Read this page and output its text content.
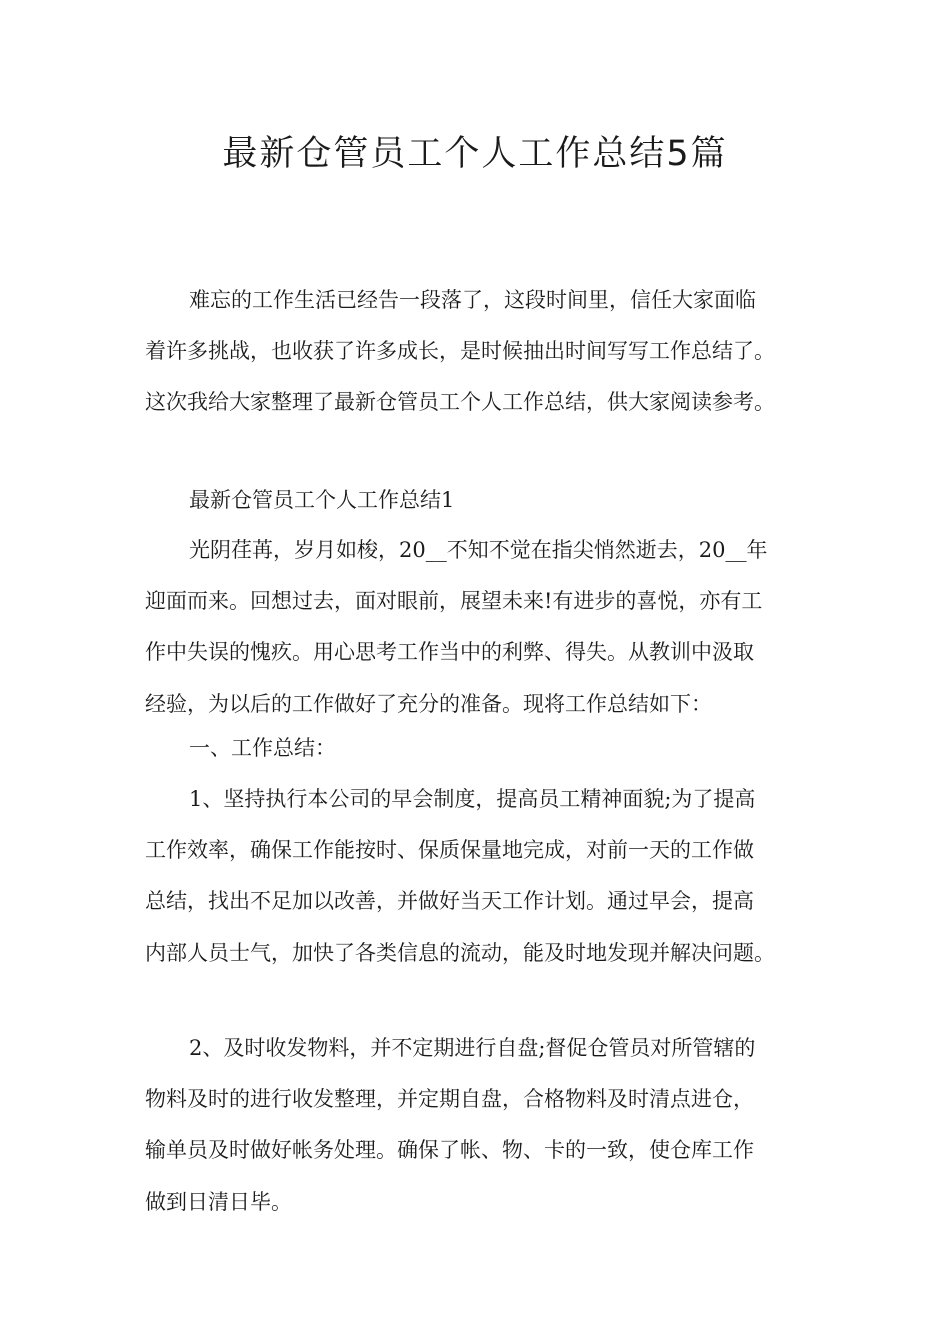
最新仓管员工个人工作总结5篇
难忘的工作生活已经告一段落了，这段时间里，信任大家面临
着许多挑战，也收获了许多成长，是时候抽出时间写写工作总结了。
这次我给大家整理了最新仓管员工个人工作总结，供大家阅读参考。
最新仓管员工个人工作总结1
光阴荏苒，岁月如梭，20__不知不觉在指尖悄然逝去，20__年
迎面而来。回想过去，面对眼前，展望未来!有进步的喜悦，亦有工
作中失误的愧疚。用心思考工作当中的利弊、得失。从教训中汲取
经验，为以后的工作做好了充分的准备。现将工作总结如下：
一、工作总结：
1、坚持执行本公司的早会制度，提高员工精神面貌;为了提高
工作效率，确保工作能按时、保质保量地完成，对前一天的工作做
总结，找出不足加以改善，并做好当天工作计划。通过早会，提高
内部人员士气，加快了各类信息的流动，能及时地发现并解决问题。
2、及时收发物料，并不定期进行自盘;督促仓管员对所管辖的
物料及时的进行收发整理，并定期自盘，合格物料及时清点进仓，
输单员及时做好帐务处理。确保了帐、物、卡的一致，使仓库工作
做到日清日毕。
